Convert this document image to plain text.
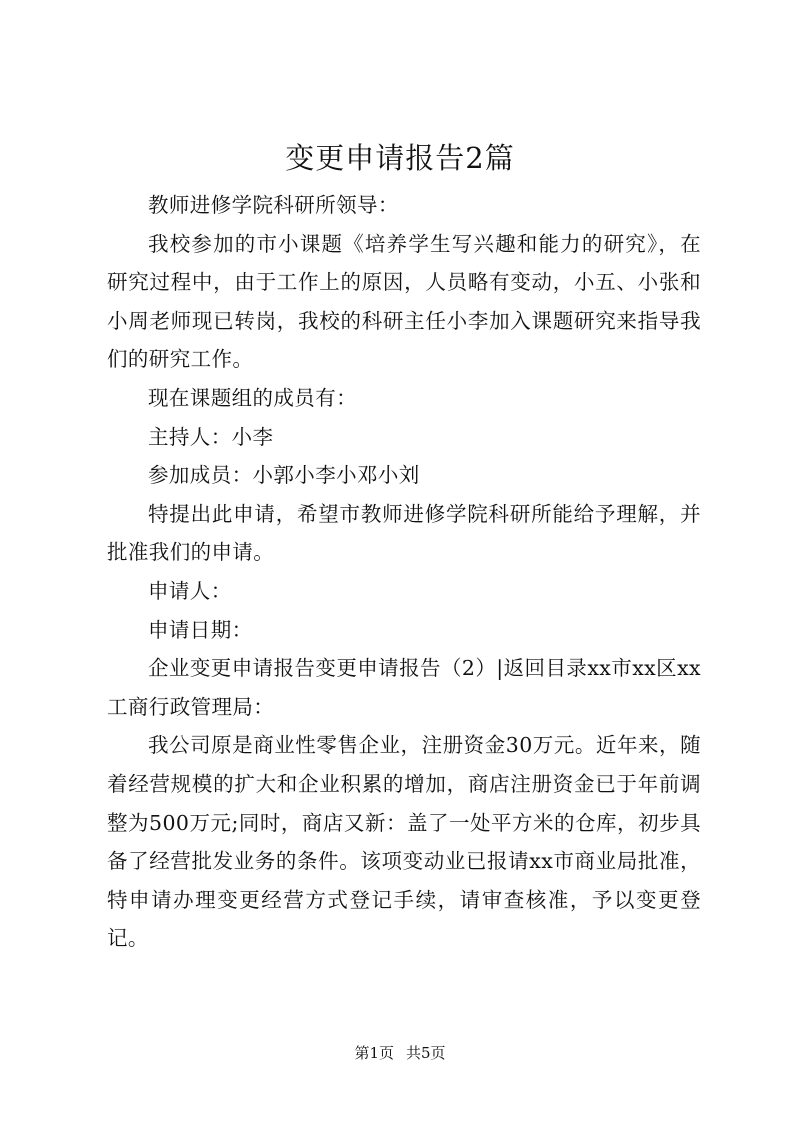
变更申请报告2篇

教师进修学院科研所领导：

我校参加的市小课题《培养学生写兴趣和能力的研究》，在研究过程中，由于工作上的原因，人员略有变动，小五、小张和小周老师现已转岗，我校的科研主任小李加入课题研究来指导我们的研究工作。

现在课题组的成员有：

主持人：小李

参加成员：小郭小李小邓小刘

特提出此申请，希望市教师进修学院科研所能给予理解，并批准我们的申请。

申请人：

申请日期：

企业变更申请报告变更申请报告（2）|返回目录xx市xx区xx工商行政管理局：

我公司原是商业性零售企业，注册资金30万元。近年来，随着经营规模的扩大和企业积累的增加，商店注册资金已于年前调整为500万元;同时，商店又新：盖了一处平方米的仓库，初步具备了经营批发业务的条件。该项变动业已报请xx市商业局批准，特申请办理变更经营方式登记手续，请审查核准，予以变更登记。

第1页 共5页
